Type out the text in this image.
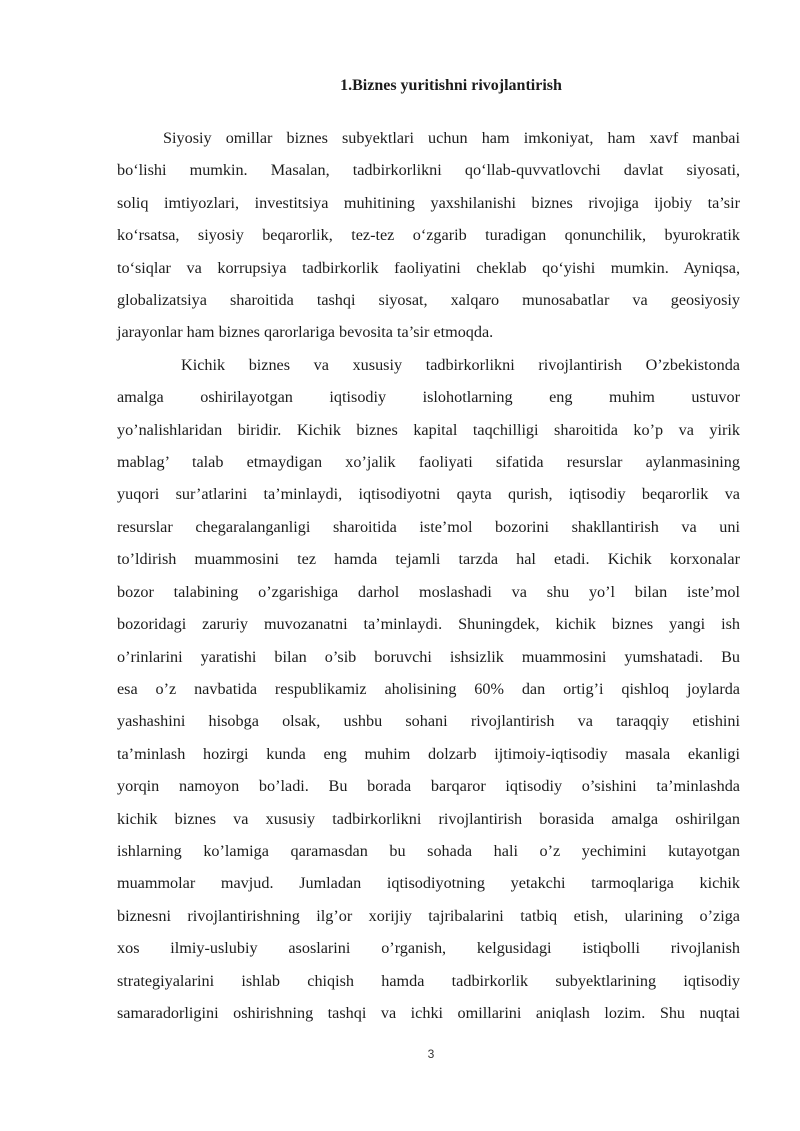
1.Biznes yuritishni rivojlantirish
Siyosiy omillar biznes subyektlari uchun ham imkoniyat, ham xavf manbai
bo‘lishi mumkin. Masalan, tadbirkorlikni qo‘llab-quvvatlovchi davlat siyosati,
soliq imtiyozlari, investitsiya muhitining yaxshilanishi biznes rivojiga ijobiy ta’sir
ko‘rsatsa, siyosiy beqarorlik, tez-tez o‘zgarib turadigan qonunchilik, byurokratik
to‘siqlar va korrupsiya tadbirkorlik faoliyatini cheklab qo‘yishi mumkin. Ayniqsa,
globalizatsiya sharoitida tashqi siyosat, xalqaro munosabatlar va geosiyosiy
jarayonlar ham biznes qarorlariga bevosita ta’sir etmoqda.
Kichik biznes va xususiy tadbirkorlikni rivojlantirish O’zbekistonda
amalga oshirilayotgan iqtisodiy islohotlarning eng muhim ustuvor
yo’nalishlaridan biridir. Kichik biznes kapital taqchilligi sharoitida ko’p va yirik
mablag’ talab etmaydigan xo’jalik faoliyati sifatida resurslar aylanmasining
yuqori sur’atlarini ta’minlaydi, iqtisodiyotni qayta qurish, iqtisodiy beqarorlik va
resurslar chegaralanganligi sharoitida iste’mol bozorini shakllantirish va uni
to’ldirish muammosini tez hamda tejamli tarzda hal etadi. Kichik korxonalar
bozor talabining o’zgarishiga darhol moslashadi va shu yo’l bilan iste’mol
bozoridagi zaruriy muvozanatni ta’minlaydi. Shuningdek, kichik biznes yangi ish
o’rinlarini yaratishi bilan o’sib boruvchi ishsizlik muammosini yumshatadi. Bu
esa o’z navbatida respublikamiz aholisining 60% dan ortig’i qishloq joylarda
yashashini hisobga olsak, ushbu sohani rivojlantirish va taraqqiy etishini
ta’minlash hozirgi kunda eng muhim dolzarb ijtimoiy-iqtisodiy masala ekanligi
yorqin namoyon bo’ladi. Bu borada barqaror iqtisodiy o’sishini ta’minlashda
kichik biznes va xususiy tadbirkorlikni rivojlantirish borasida amalga oshirilgan
ishlarning ko’lamiga qaramasdan bu sohada hali o’z yechimini kutayotgan
muammolar mavjud. Jumladan iqtisodiyotning yetakchi tarmoqlariga kichik
biznesni rivojlantirishning ilg’or xorijiy tajribalarini tatbiq etish, ularining o’ziga
xos ilmiy-uslubiy asoslarini o’rganish, kelgusidagi istiqbolli rivojlanish
strategiyalarini ishlab chiqish hamda tadbirkorlik subyektlarining iqtisodiy
samaradorligini oshirishning tashqi va ichki omillarini aniqlash lozim. Shu nuqtai
3
